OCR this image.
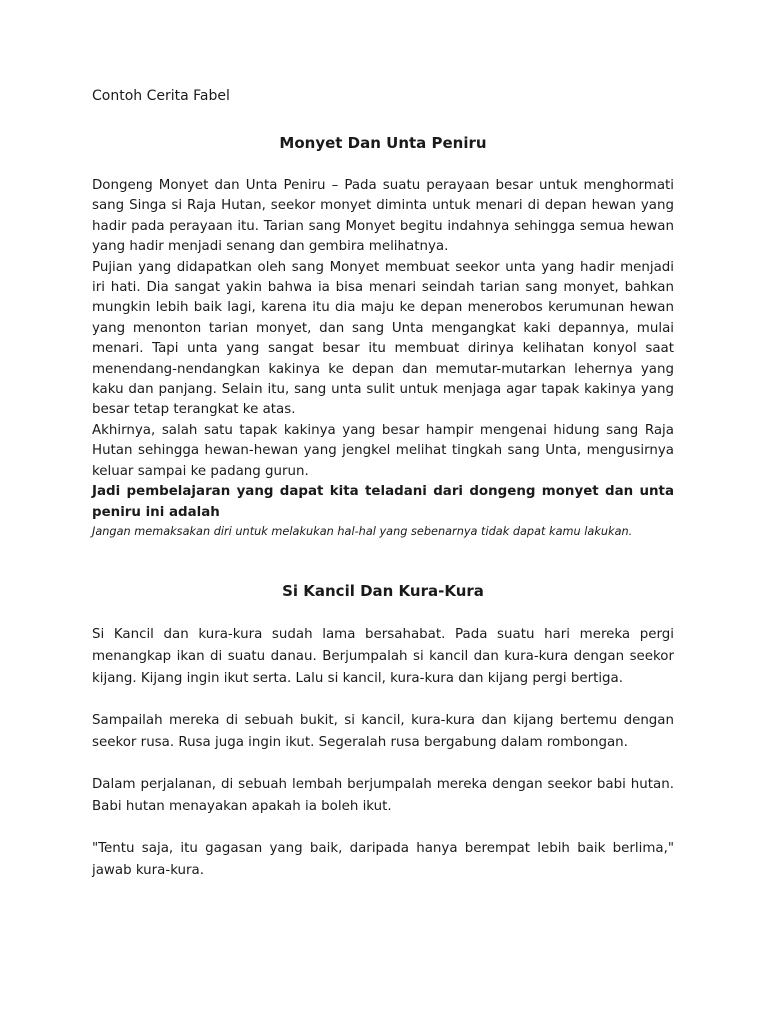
Contoh Cerita Fabel

Monyet Dan Unta Peniru

Dongeng Monyet dan Unta Peniru – Pada suatu perayaan besar untuk menghormati sang Singa si Raja Hutan, seekor monyet diminta untuk menari di depan hewan yang hadir pada perayaan itu. Tarian sang Monyet begitu indahnya sehingga semua hewan yang hadir menjadi senang dan gembira melihatnya.

Pujian yang didapatkan oleh sang Monyet membuat seekor unta yang hadir menjadi iri hati. Dia sangat yakin bahwa ia bisa menari seindah tarian sang monyet, bahkan mungkin lebih baik lagi, karena itu dia maju ke depan menerobos kerumunan hewan yang menonton tarian monyet, dan sang Unta mengangkat kaki depannya, mulai menari. Tapi unta yang sangat besar itu membuat dirinya kelihatan konyol saat menendang-nendangkan kakinya ke depan dan memutar-mutarkan lehernya yang kaku dan panjang. Selain itu, sang unta sulit untuk menjaga agar tapak kakinya yang besar tetap terangkat ke atas.

Akhirnya, salah satu tapak kakinya yang besar hampir mengenai hidung sang Raja Hutan sehingga hewan-hewan yang jengkel melihat tingkah sang Unta, mengusirnya keluar sampai ke padang gurun.

Jadi pembelajaran yang dapat kita teladani dari dongeng monyet dan unta peniru ini adalah

Jangan memaksakan diri untuk melakukan hal-hal yang sebenarnya tidak dapat kamu lakukan.

Si Kancil Dan Kura-Kura

Si Kancil dan kura-kura sudah lama bersahabat. Pada suatu hari mereka pergi menangkap ikan di suatu danau. Berjumpalah si kancil dan kura-kura dengan seekor kijang. Kijang ingin ikut serta. Lalu si kancil, kura-kura dan kijang pergi bertiga.

Sampailah mereka di sebuah bukit, si kancil, kura-kura dan kijang bertemu dengan seekor rusa. Rusa juga ingin ikut. Segeralah rusa bergabung dalam rombongan.

Dalam perjalanan, di sebuah lembah berjumpalah mereka dengan seekor babi hutan. Babi hutan menayakan apakah ia boleh ikut.

"Tentu saja, itu gagasan yang baik, daripada hanya berempat lebih baik berlima," jawab kura-kura.
